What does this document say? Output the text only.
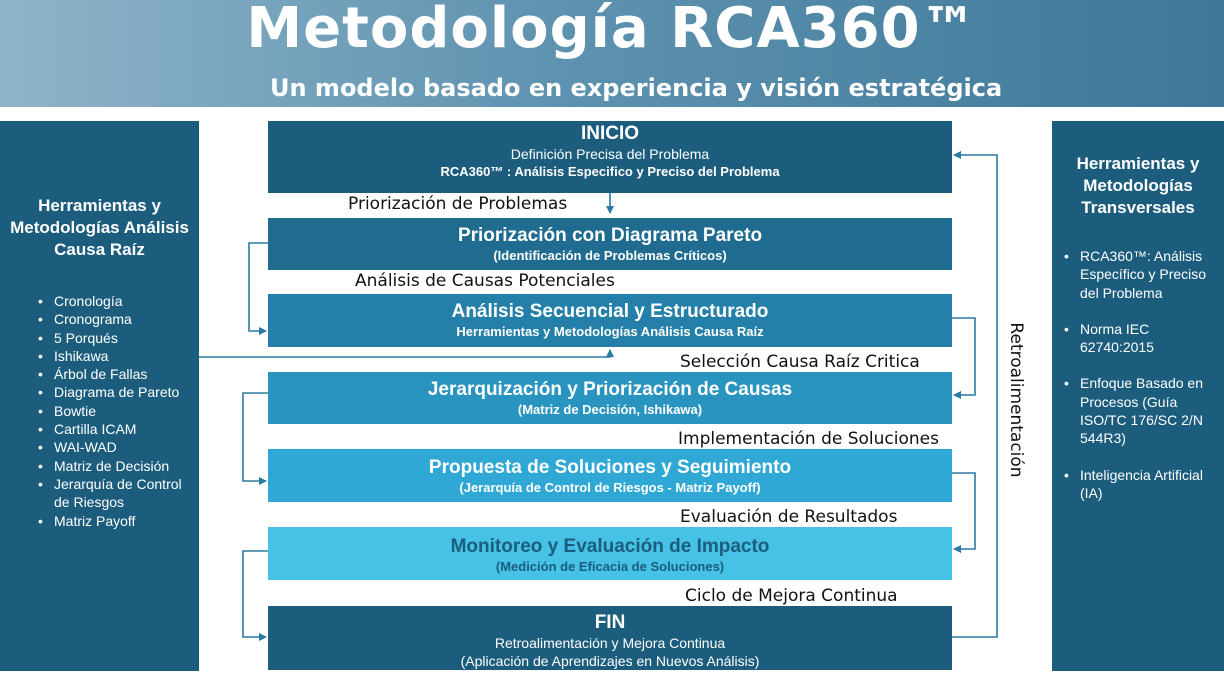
Metodología RCA360™
Un modelo basado en experiencia y visión estratégica
Herramientas y Metodologías Análisis Causa Raíz
• Cronología
• Cronograma
• 5 Porqués
• Ishikawa
• Árbol de Fallas
• Diagrama de Pareto
• Bowtie
• Cartilla ICAM
• WAI-WAD
• Matriz de Decisión
• Jerarquía de Control de Riesgos
• Matriz Payoff
Herramientas y Metodologías Transversales
• RCA360™: Análisis Específico y Preciso del Problema
• Norma IEC 62740:2015
• Enfoque Basado en Procesos (Guía ISO/TC 176/SC 2/N 544R3)
• Inteligencia Artificial (IA)
INICIO
Definición Precisa del Problema
RCA360™ : Análisis Especifico y Preciso del Problema
Priorización con Diagrama Pareto
(Identificación de Problemas Críticos)
Análisis Secuencial y Estructurado
Herramientas y Metodologías Análisis Causa Raíz
Jerarquización y Priorización de Causas
(Matriz de Decisión, Ishikawa)
Propuesta de Soluciones y Seguimiento
(Jerarquía de Control de Riesgos - Matriz Payoff)
Monitoreo y Evaluación de Impacto
(Medición de Eficacia de Soluciones)
FIN
Retroalimentación y Mejora Continua
(Aplicación de Aprendizajes en Nuevos Análisis)
Priorización de Problemas
Análisis de Causas Potenciales
Selección Causa Raíz Critica
Implementación de Soluciones
Evaluación de Resultados
Ciclo de Mejora Continua
Retroalimentación
